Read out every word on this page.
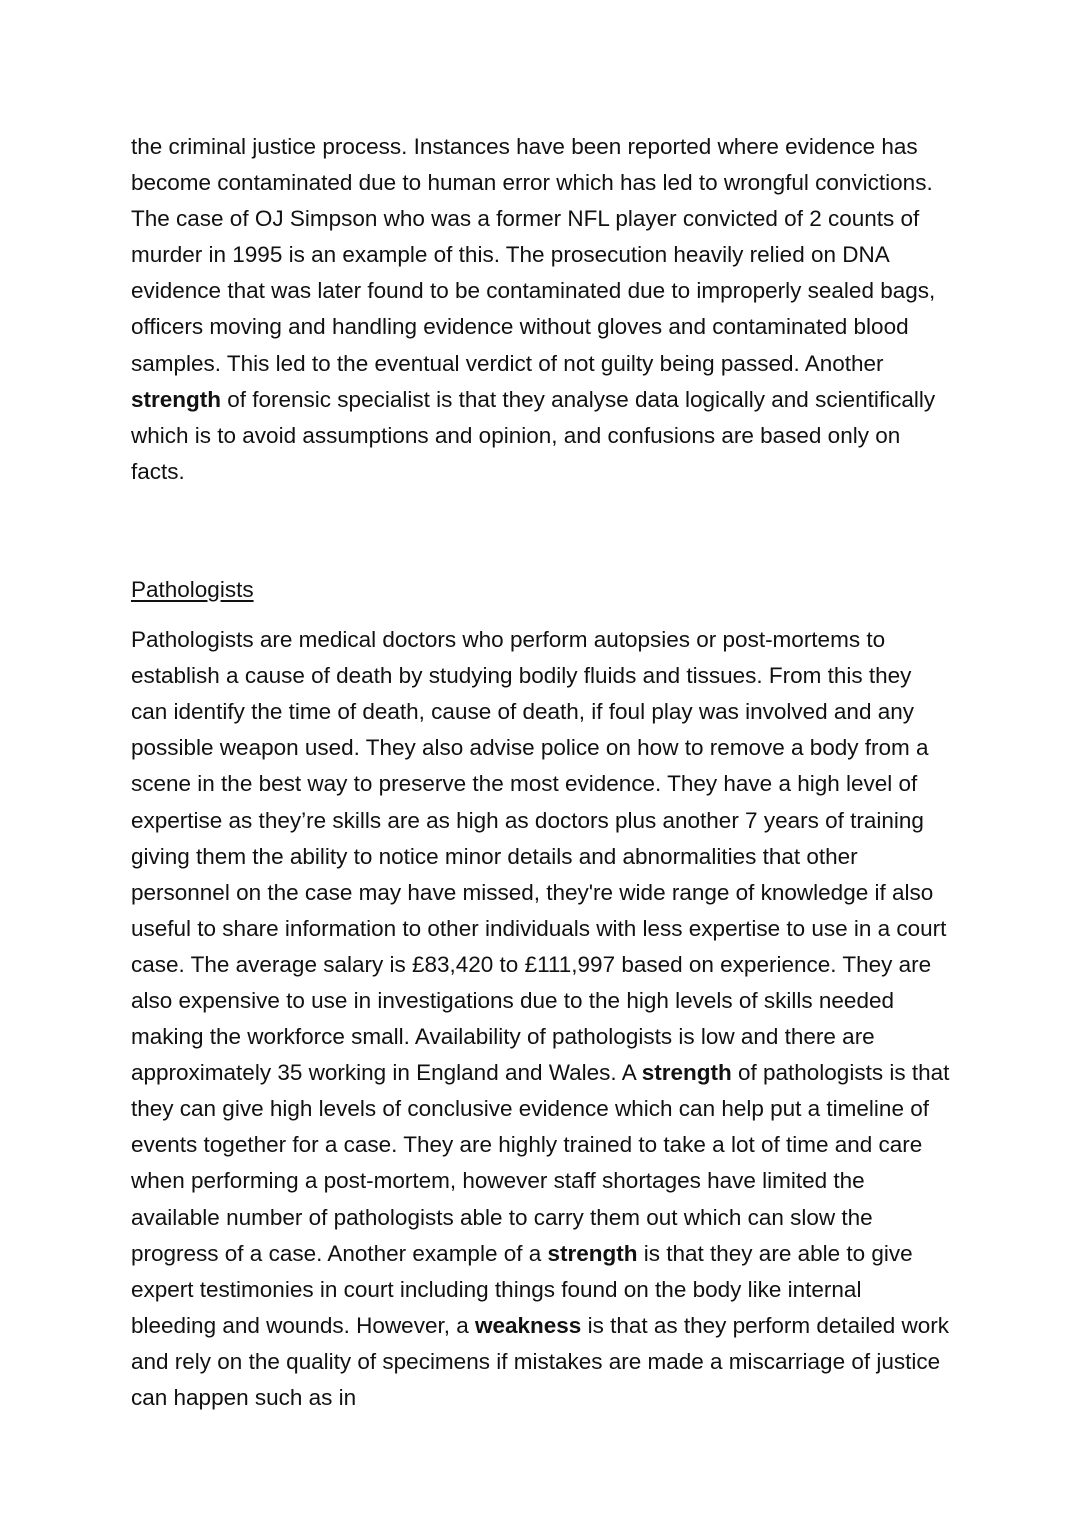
the criminal justice process. Instances have been reported where evidence has become contaminated due to human error which has led to wrongful convictions. The case of OJ Simpson who was a former NFL player convicted of 2 counts of murder in 1995 is an example of this. The prosecution heavily relied on DNA evidence that was later found to be contaminated due to improperly sealed bags, officers moving and handling evidence without gloves and contaminated blood samples. This led to the eventual verdict of not guilty being passed. Another strength of forensic specialist is that they analyse data logically and scientifically which is to avoid assumptions and opinion, and confusions are based only on facts.

Pathologists

Pathologists are medical doctors who perform autopsies or post-mortems to establish a cause of death by studying bodily fluids and tissues. From this they can identify the time of death, cause of death, if foul play was involved and any possible weapon used. They also advise police on how to remove a body from a scene in the best way to preserve the most evidence. They have a high level of expertise as they’re skills are as high as doctors plus another 7 years of training giving them the ability to notice minor details and abnormalities that other personnel on the case may have missed, they're wide range of knowledge if also useful to share information to other individuals with less expertise to use in a court case. The average salary is £83,420 to £111,997 based on experience. They are also expensive to use in investigations due to the high levels of skills needed making the workforce small. Availability of pathologists is low and there are approximately 35 working in England and Wales. A strength of pathologists is that they can give high levels of conclusive evidence which can help put a timeline of events together for a case. They are highly trained to take a lot of time and care when performing a post-mortem, however staff shortages have limited the available number of pathologists able to carry them out which can slow the progress of a case. Another example of a strength is that they are able to give expert testimonies in court including things found on the body like internal bleeding and wounds. However, a weakness is that as they perform detailed work and rely on the quality of specimens if mistakes are made a miscarriage of justice can happen such as in
